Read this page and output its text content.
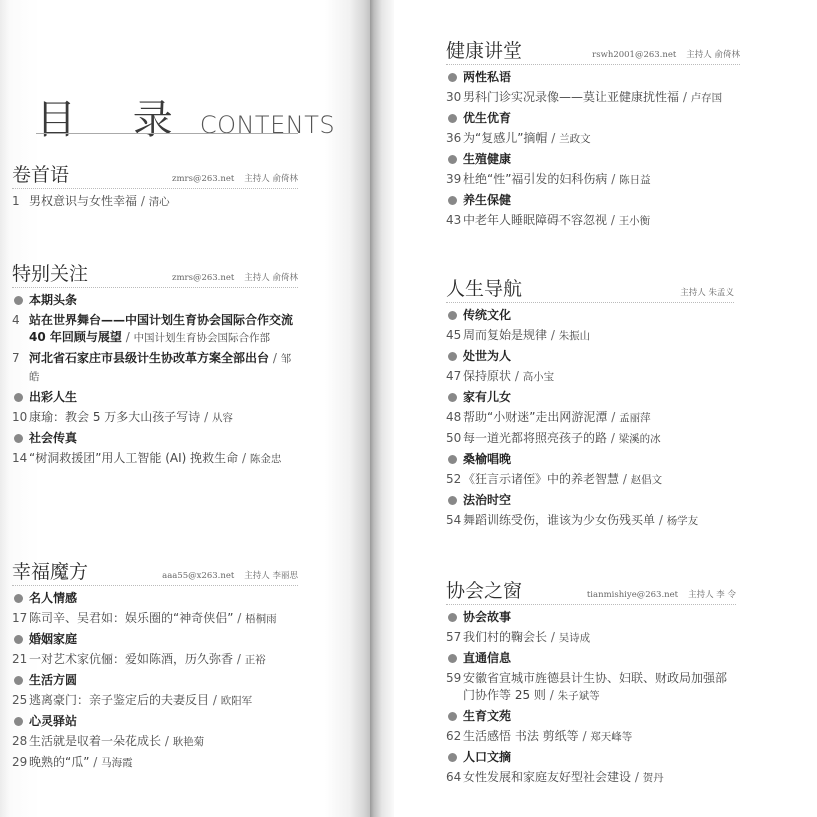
目 录 CONTENTS
卷首语	zmrs@263.net 主持人 俞倚林
1 男权意识与女性幸福 / 清心
特别关注	zmrs@263.net 主持人 俞倚林
本期头条
4 站在世界舞台——中国计划生育协会国际合作交流 40 年回顾与展望 / 中国计划生育协会国际合作部
7 河北省石家庄市县级计生协改革方案全部出台 / 邹皓
出彩人生
10 康瑜：教会 5 万多大山孩子写诗 / 从容
社会传真
14 “树洞救援团”用人工智能 (AI) 挽救生命 / 陈金忠
幸福魔方	aaa55@x263.net 主持人 李丽思
名人情感
17 陈司辛、吴君如：娱乐圈的“神奇侠侣” / 梧桐雨
婚姻家庭
21 一对艺术家伉俪：爱如陈酒，历久弥香 / 正裕
生活方圆
25 逃离豪门：亲子鉴定后的夫妻反目 / 欧阳军
心灵驿站
28 生活就是収着一朵花成长 / 耿艳菊
29 晚熟的“瓜” / 马海霞
健康讲堂	rswh2001@263.net 主持人 俞倚林
两性私语
30 男科门诊实况录像——莫让亚健康扰性福 / 卢存国
优生优育
36 为“复感儿”摘帽 / 兰政文
生殖健康
39 杜绝“性”福引发的妇科伤病 / 陈日益
养生保健
43 中老年人睡眠障碍不容忽视 / 王小衡
人生导航	主持人 朱孟义
传统文化
45 周而复始是规律 / 朱振山
处世为人
47 保持原状 / 高小宝
家有儿女
48 帮助“小财迷”走出网游泥潭 / 孟丽萍
50 每一道光都将照亮孩子的路 / 梁溪的冰
桑榆唱晚
52 《狂言示诸侄》中的养老智慧 / 赵倡文
法治时空
54 舞蹈训练受伤，谁该为少女伤残买单 / 杨学友
协会之窗	tianmishiye@263.net 主持人 李 令
协会故事
57 我们村的鞠会长 / 吴诗成
直通信息
59 安徽省宣城市旌德县计生协、妇联、财政局加强部门协作等 25 则 / 朱子斌等
生育文苑
62 生活感悟 书法 剪纸等 / 郑天峰等
人口文摘
64 女性发展和家庭友好型社会建设 / 贺丹
